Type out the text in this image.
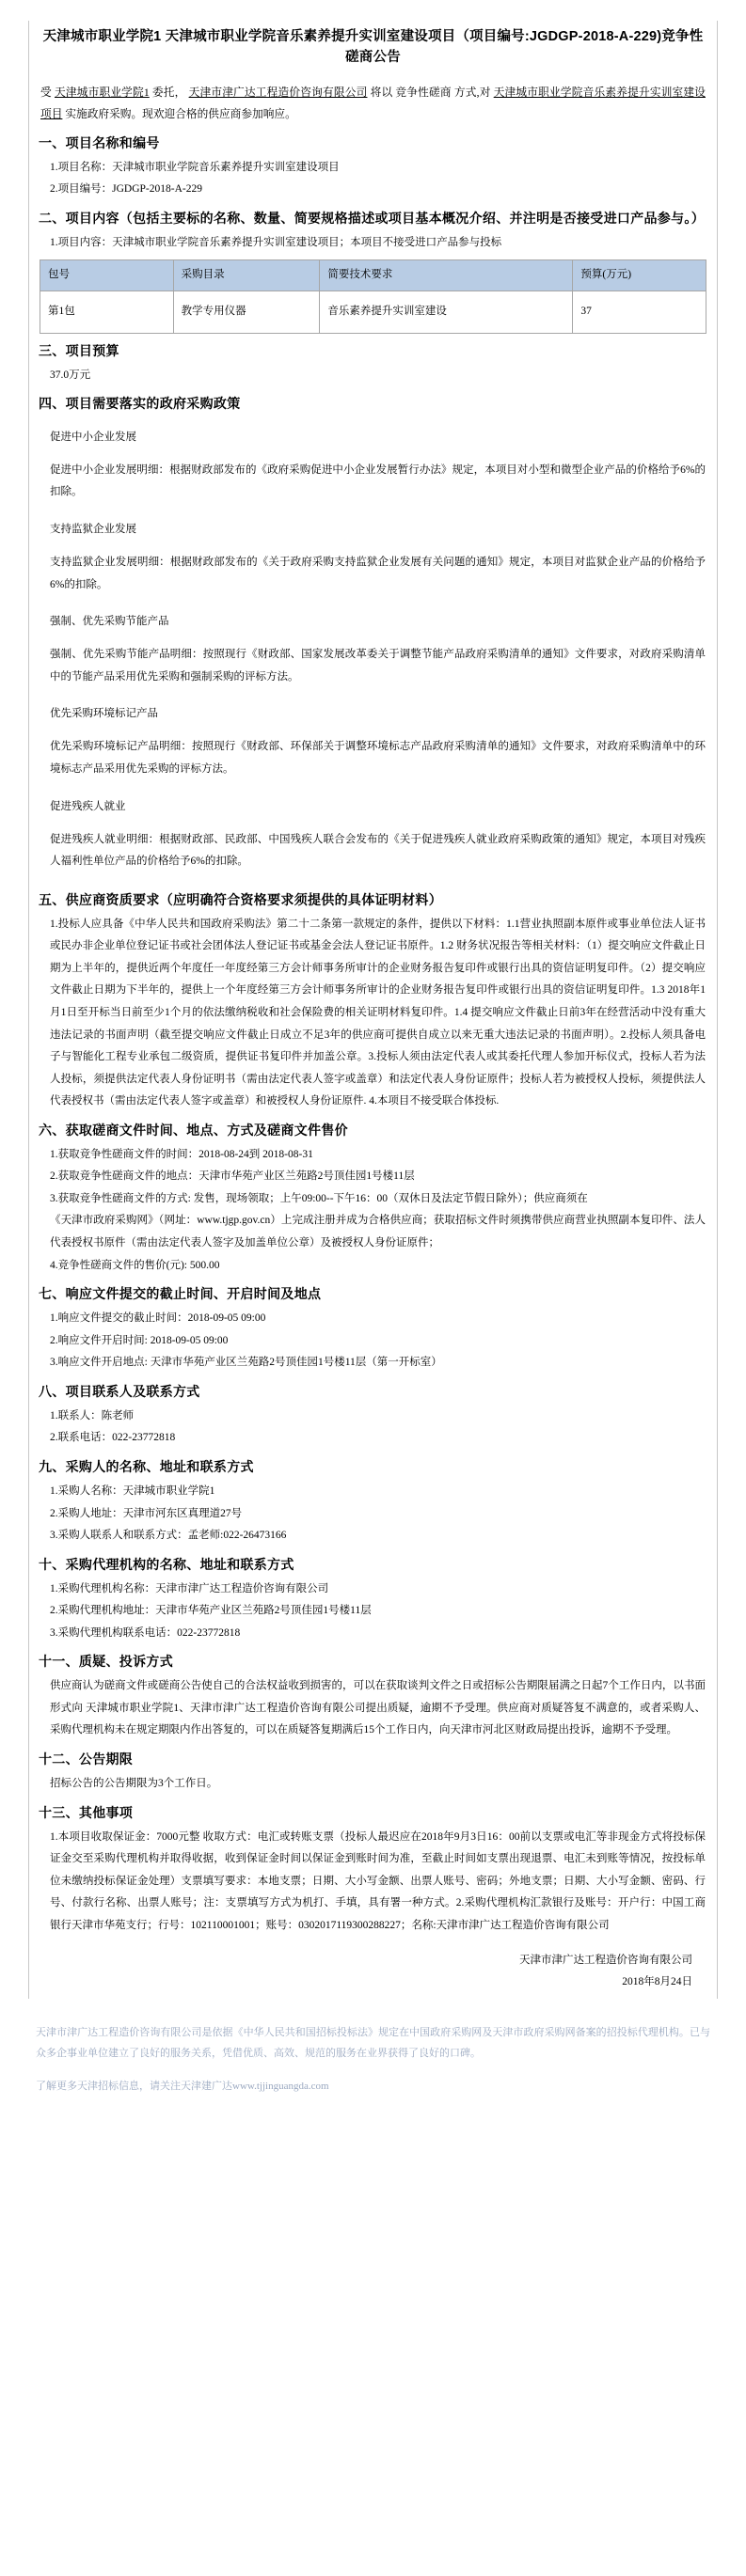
天津城市职业学院1 天津城市职业学院音乐素养提升实训室建设项目（项目编号:JGDGP-2018-A-229)竞争性磋商公告

受 天津城市职业学院1 委托， 天津市津广达工程造价咨询有限公司 将以 竞争性磋商 方式,对 天津城市职业学院音乐素养提升实训室建设项目 实施政府采购。现欢迎合格的供应商参加响应。

一、项目名称和编号

1.项目名称：天津城市职业学院音乐素养提升实训室建设项目

2.项目编号：JGDGP-2018-A-229

二、项目内容（包括主要标的名称、数量、简要规格描述或项目基本概况介绍、并注明是否接受进口产品参与。）

1.项目内容：天津城市职业学院音乐素养提升实训室建设项目；本项目不接受进口产品参与投标

包号	采购目录	简要技术要求	预算(万元)
第1包	教学专用仪器	音乐素养提升实训室建设	37
三、项目预算

37.0万元

四、项目需要落实的政府采购政策

促进中小企业发展

促进中小企业发展明细：根据财政部发布的《政府采购促进中小企业发展暂行办法》规定，本项目对小型和微型企业产品的价格给予6%的扣除。

支持监狱企业发展

支持监狱企业发展明细：根据财政部发布的《关于政府采购支持监狱企业发展有关问题的通知》规定，本项目对监狱企业产品的价格给予6%的扣除。

强制、优先采购节能产品

强制、优先采购节能产品明细：按照现行《财政部、国家发展改革委关于调整节能产品政府采购清单的通知》文件要求，对政府采购清单中的节能产品采用优先采购和强制采购的评标方法。

优先采购环境标记产品

优先采购环境标记产品明细：按照现行《财政部、环保部关于调整环境标志产品政府采购清单的通知》文件要求，对政府采购清单中的环境标志产品采用优先采购的评标方法。

促进残疾人就业

促进残疾人就业明细：根据财政部、民政部、中国残疾人联合会发布的《关于促进残疾人就业政府采购政策的通知》规定，本项目对残疾人福利性单位产品的价格给予6%的扣除。

五、供应商资质要求（应明确符合资格要求须提供的具体证明材料）

1.投标人应具备《中华人民共和国政府采购法》第二十二条第一款规定的条件，提供以下材料：1.1营业执照副本原件或事业单位法人证书或民办非企业单位登记证书或社会团体法人登记证书或基金会法人登记证书原件。1.2 财务状况报告等相关材料：（1）提交响应文件截止日期为上半年的，提供近两个年度任一年度经第三方会计师事务所审计的企业财务报告复印件或银行出具的资信证明复印件。（2）提交响应文件截止日期为下半年的，提供上一个年度经第三方会计师事务所审计的企业财务报告复印件或银行出具的资信证明复印件。1.3 2018年1月1日至开标当日前至少1个月的依法缴纳税收和社会保险费的相关证明材料复印件。1.4 提交响应文件截止日前3年在经营活动中没有重大违法记录的书面声明（截至提交响应文件截止日成立不足3年的供应商可提供自成立以来无重大违法记录的书面声明）。2.投标人须具备电子与智能化工程专业承包二级资质，提供证书复印件并加盖公章。3.投标人须由法定代表人或其委托代理人参加开标仪式，投标人若为法人投标，须提供法定代表人身份证明书（需由法定代表人签字或盖章）和法定代表人身份证原件；投标人若为被授权人投标，须提供法人代表授权书（需由法定代表人签字或盖章）和被授权人身份证原件. 4.本项目不接受联合体投标.

六、获取磋商文件时间、地点、方式及磋商文件售价

1.获取竞争性磋商文件的时间：2018-08-24到 2018-08-31

2.获取竞争性磋商文件的地点：天津市华苑产业区兰苑路2号顶佳园1号楼11层

3.获取竞争性磋商文件的方式: 发售，现场领取；上午09:00--下午16：00（双休日及法定节假日除外）；供应商须在

《天津市政府采购网》（网址：www.tjgp.gov.cn）上完成注册并成为合格供应商；获取招标文件时须携带供应商营业执照副本复印件、法人代表授权书原件（需由法定代表人签字及加盖单位公章）及被授权人身份证原件；

4.竞争性磋商文件的售价(元): 500.00

七、响应文件提交的截止时间、开启时间及地点

1.响应文件提交的截止时间：2018-09-05 09:00

2.响应文件开启时间: 2018-09-05 09:00

3.响应文件开启地点: 天津市华苑产业区兰苑路2号顶佳园1号楼11层（第一开标室）

八、项目联系人及联系方式

1.联系人：陈老师

2.联系电话：022-23772818

九、采购人的名称、地址和联系方式

1.采购人名称：天津城市职业学院1

2.采购人地址：天津市河东区真理道27号

3.采购人联系人和联系方式：孟老师:022-26473166

十、采购代理机构的名称、地址和联系方式

1.采购代理机构名称：天津市津广达工程造价咨询有限公司

2.采购代理机构地址：天津市华苑产业区兰苑路2号顶佳园1号楼11层

3.采购代理机构联系电话：022-23772818

十一、质疑、投诉方式

供应商认为磋商文件或磋商公告使自己的合法权益收到损害的，可以在获取谈判文件之日或招标公告期限届满之日起7个工作日内，以书面形式向 天津城市职业学院1、天津市津广达工程造价咨询有限公司提出质疑，逾期不予受理。供应商对质疑答复不满意的，或者采购人、采购代理机构未在规定期限内作出答复的，可以在质疑答复期满后15个工作日内，向天津市河北区财政局提出投诉，逾期不予受理。

十二、公告期限

招标公告的公告期限为3个工作日。

十三、其他事项

1.本项目收取保证金：7000元整 收取方式：电汇或转账支票（投标人最迟应在2018年9月3日16：00前以支票或电汇等非现金方式将投标保证金交至采购代理机构并取得收据，收到保证金时间以保证金到账时间为准，至截止时间如支票出现退票、电汇未到账等情况，按投标单位未缴纳投标保证金处理）支票填写要求：本地支票；日期、大小写金额、出票人账号、密码；外地支票；日期、大小写金额、密码、行号、付款行名称、出票人账号；注：支票填写方式为机打、手填，具有署一种方式。2.采购代理机构汇款银行及账号：开户行：中国工商银行天津市华苑支行；行号：102110001001；账号：0302017119300288227；名称:天津市津广达工程造价咨询有限公司

天津市津广达工程造价咨询有限公司
2018年8月24日

天津市津广达工程造价咨询有限公司是依据《中华人民共和国招标投标法》规定在中国政府采购网及天津市政府采购网备案的招投标代理机构。已与众多企事业单位建立了良好的服务关系，凭借优质、高效、规范的服务在业界获得了良好的口碑。

了解更多天津招标信息，请关注天津建广达www.tjjinguangda.com
